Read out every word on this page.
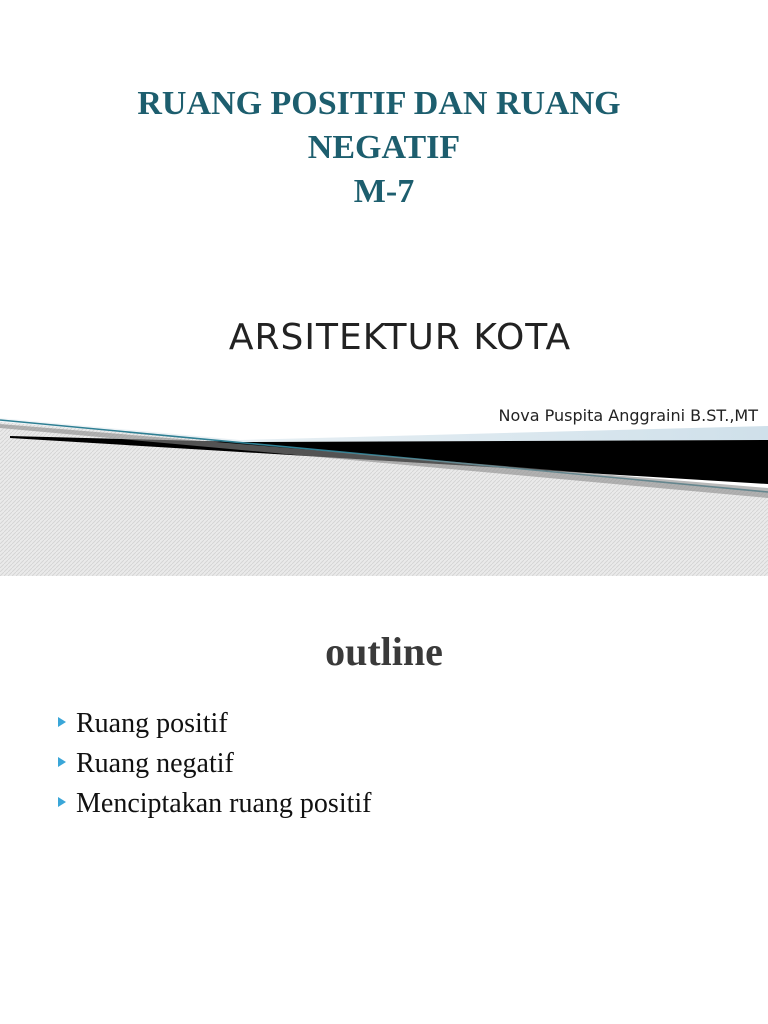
RUANG POSITIF DAN RUANG
NEGATIF
M-7
ARSITEKTUR KOTA
Nova Puspita Anggraini B.ST.,MT
outline
Ruang positif
Ruang negatif
Menciptakan ruang positif
